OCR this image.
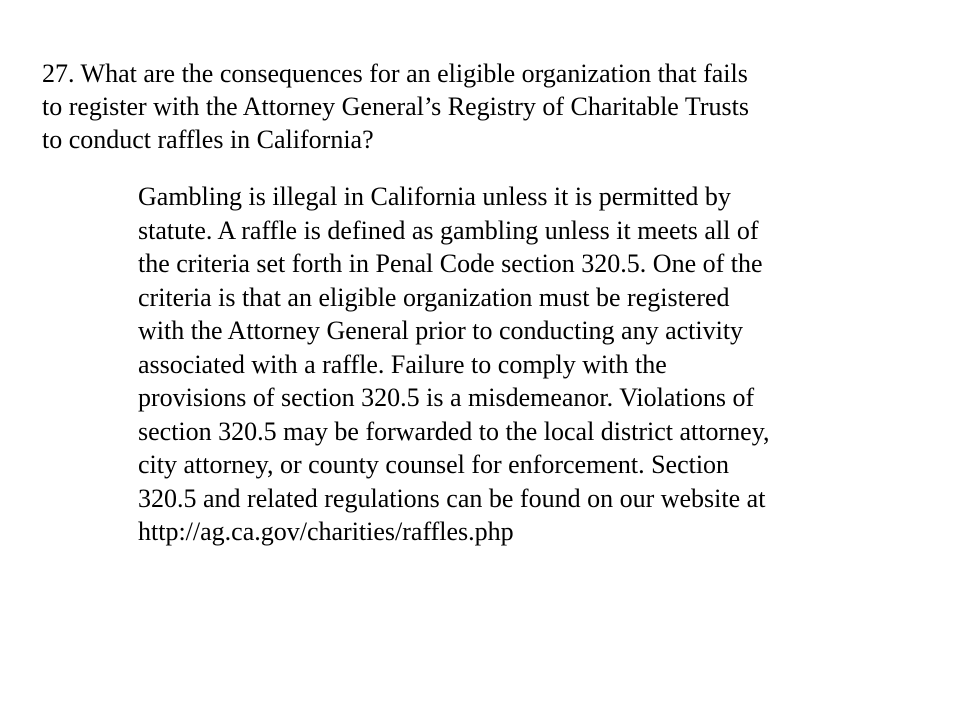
27. What are the consequences for an eligible organization that fails
to register with the Attorney General’s Registry of Charitable Trusts
to conduct raffles in California?
Gambling is illegal in California unless it is permitted by
statute. A raffle is defined as gambling unless it meets all of
the criteria set forth in Penal Code section 320.5. One of the
criteria is that an eligible organization must be registered
with the Attorney General prior to conducting any activity
associated with a raffle. Failure to comply with the
provisions of section 320.5 is a misdemeanor. Violations of
section 320.5 may be forwarded to the local district attorney,
city attorney, or county counsel for enforcement. Section
320.5 and related regulations can be found on our website at
http://ag.ca.gov/charities/raffles.php
